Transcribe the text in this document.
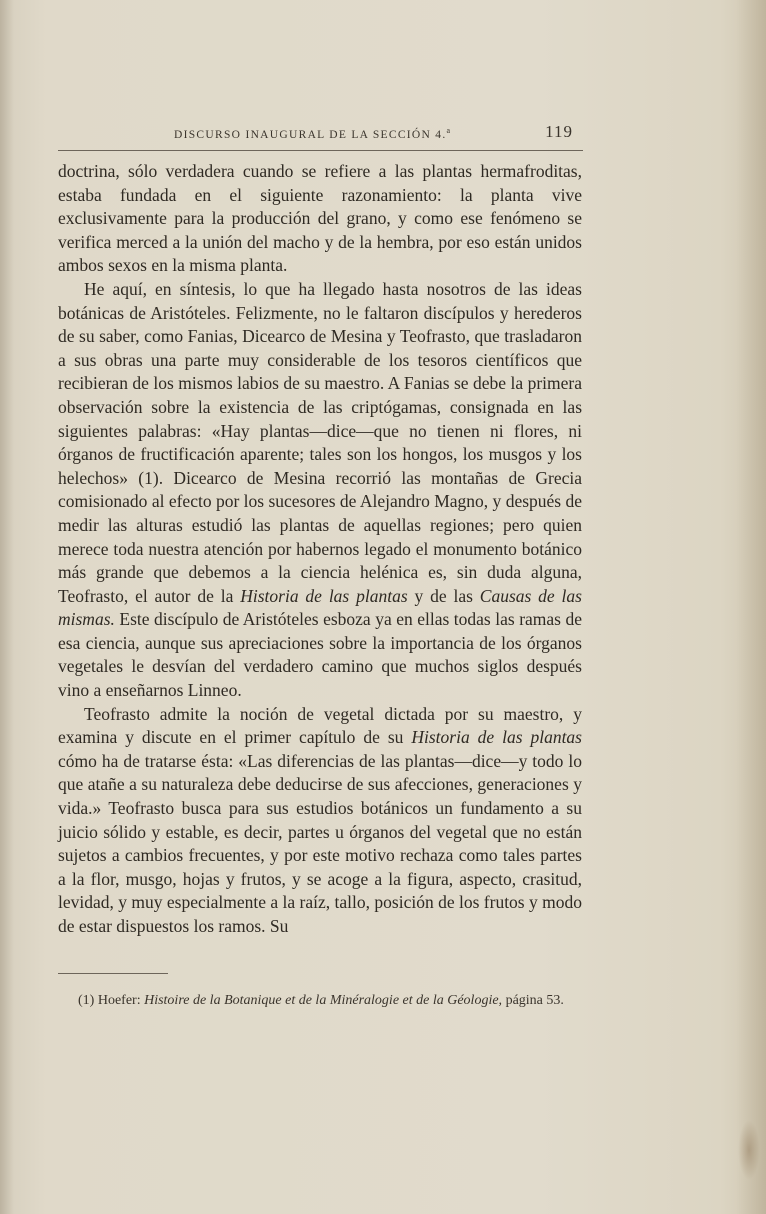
DISCURSO INAUGURAL DE LA SECCIÓN 4.$^a$	119

doctrina, sólo verdadera cuando se refiere a las plantas hermafroditas, estaba fundada en el siguiente razonamiento: la planta vive exclusivamente para la producción del grano, y como ese fenómeno se verifica merced a la unión del macho y de la hembra, por eso están unidos ambos sexos en la misma planta.

He aquí, en síntesis, lo que ha llegado hasta nosotros de las ideas botánicas de Aristóteles. Felizmente, no le faltaron discípulos y herederos de su saber, como Fanias, Dicearco de Mesina y Teofrasto, que trasladaron a sus obras una parte muy considerable de los tesoros científicos que recibieran de los mismos labios de su maestro. A Fanias se debe la primera observación sobre la existencia de las criptógamas, consignada en las siguientes palabras: «Hay plantas—dice—que no tienen ni flores, ni órganos de fructificación aparente; tales son los hongos, los musgos y los helechos» (1). Dicearco de Mesina recorrió las montañas de Grecia comisionado al efecto por los sucesores de Alejandro Magno, y después de medir las alturas estudió las plantas de aquellas regiones; pero quien merece toda nuestra atención por habernos legado el monumento botánico más grande que debemos a la ciencia helénica es, sin duda alguna, Teofrasto, el autor de la Historia de las plantas y de las Causas de las mismas. Este discípulo de Aristóteles esboza ya en ellas todas las ramas de esa ciencia, aunque sus apreciaciones sobre la importancia de los órganos vegetales le desvían del verdadero camino que muchos siglos después vino a enseñarnos Linneo.

Teofrasto admite la noción de vegetal dictada por su maestro, y examina y discute en el primer capítulo de su Historia de las plantas cómo ha de tratarse ésta: «Las diferencias de las plantas—dice—y todo lo que atañe a su naturaleza debe deducirse de sus afecciones, generaciones y vida.» Teofrasto busca para sus estudios botánicos un fundamento a su juicio sólido y estable, es decir, partes u órganos del vegetal que no están sujetos a cambios frecuentes, y por este motivo rechaza como tales partes a la flor, musgo, hojas y frutos, y se acoge a la figura, aspecto, crasitud, levidad, y muy especialmente a la raíz, tallo, posición de los frutos y modo de estar dispuestos los ramos. Su

(1) Hoefer: Histoire de la Botanique et de la Minéralogie et de la Géologie, página 53.
